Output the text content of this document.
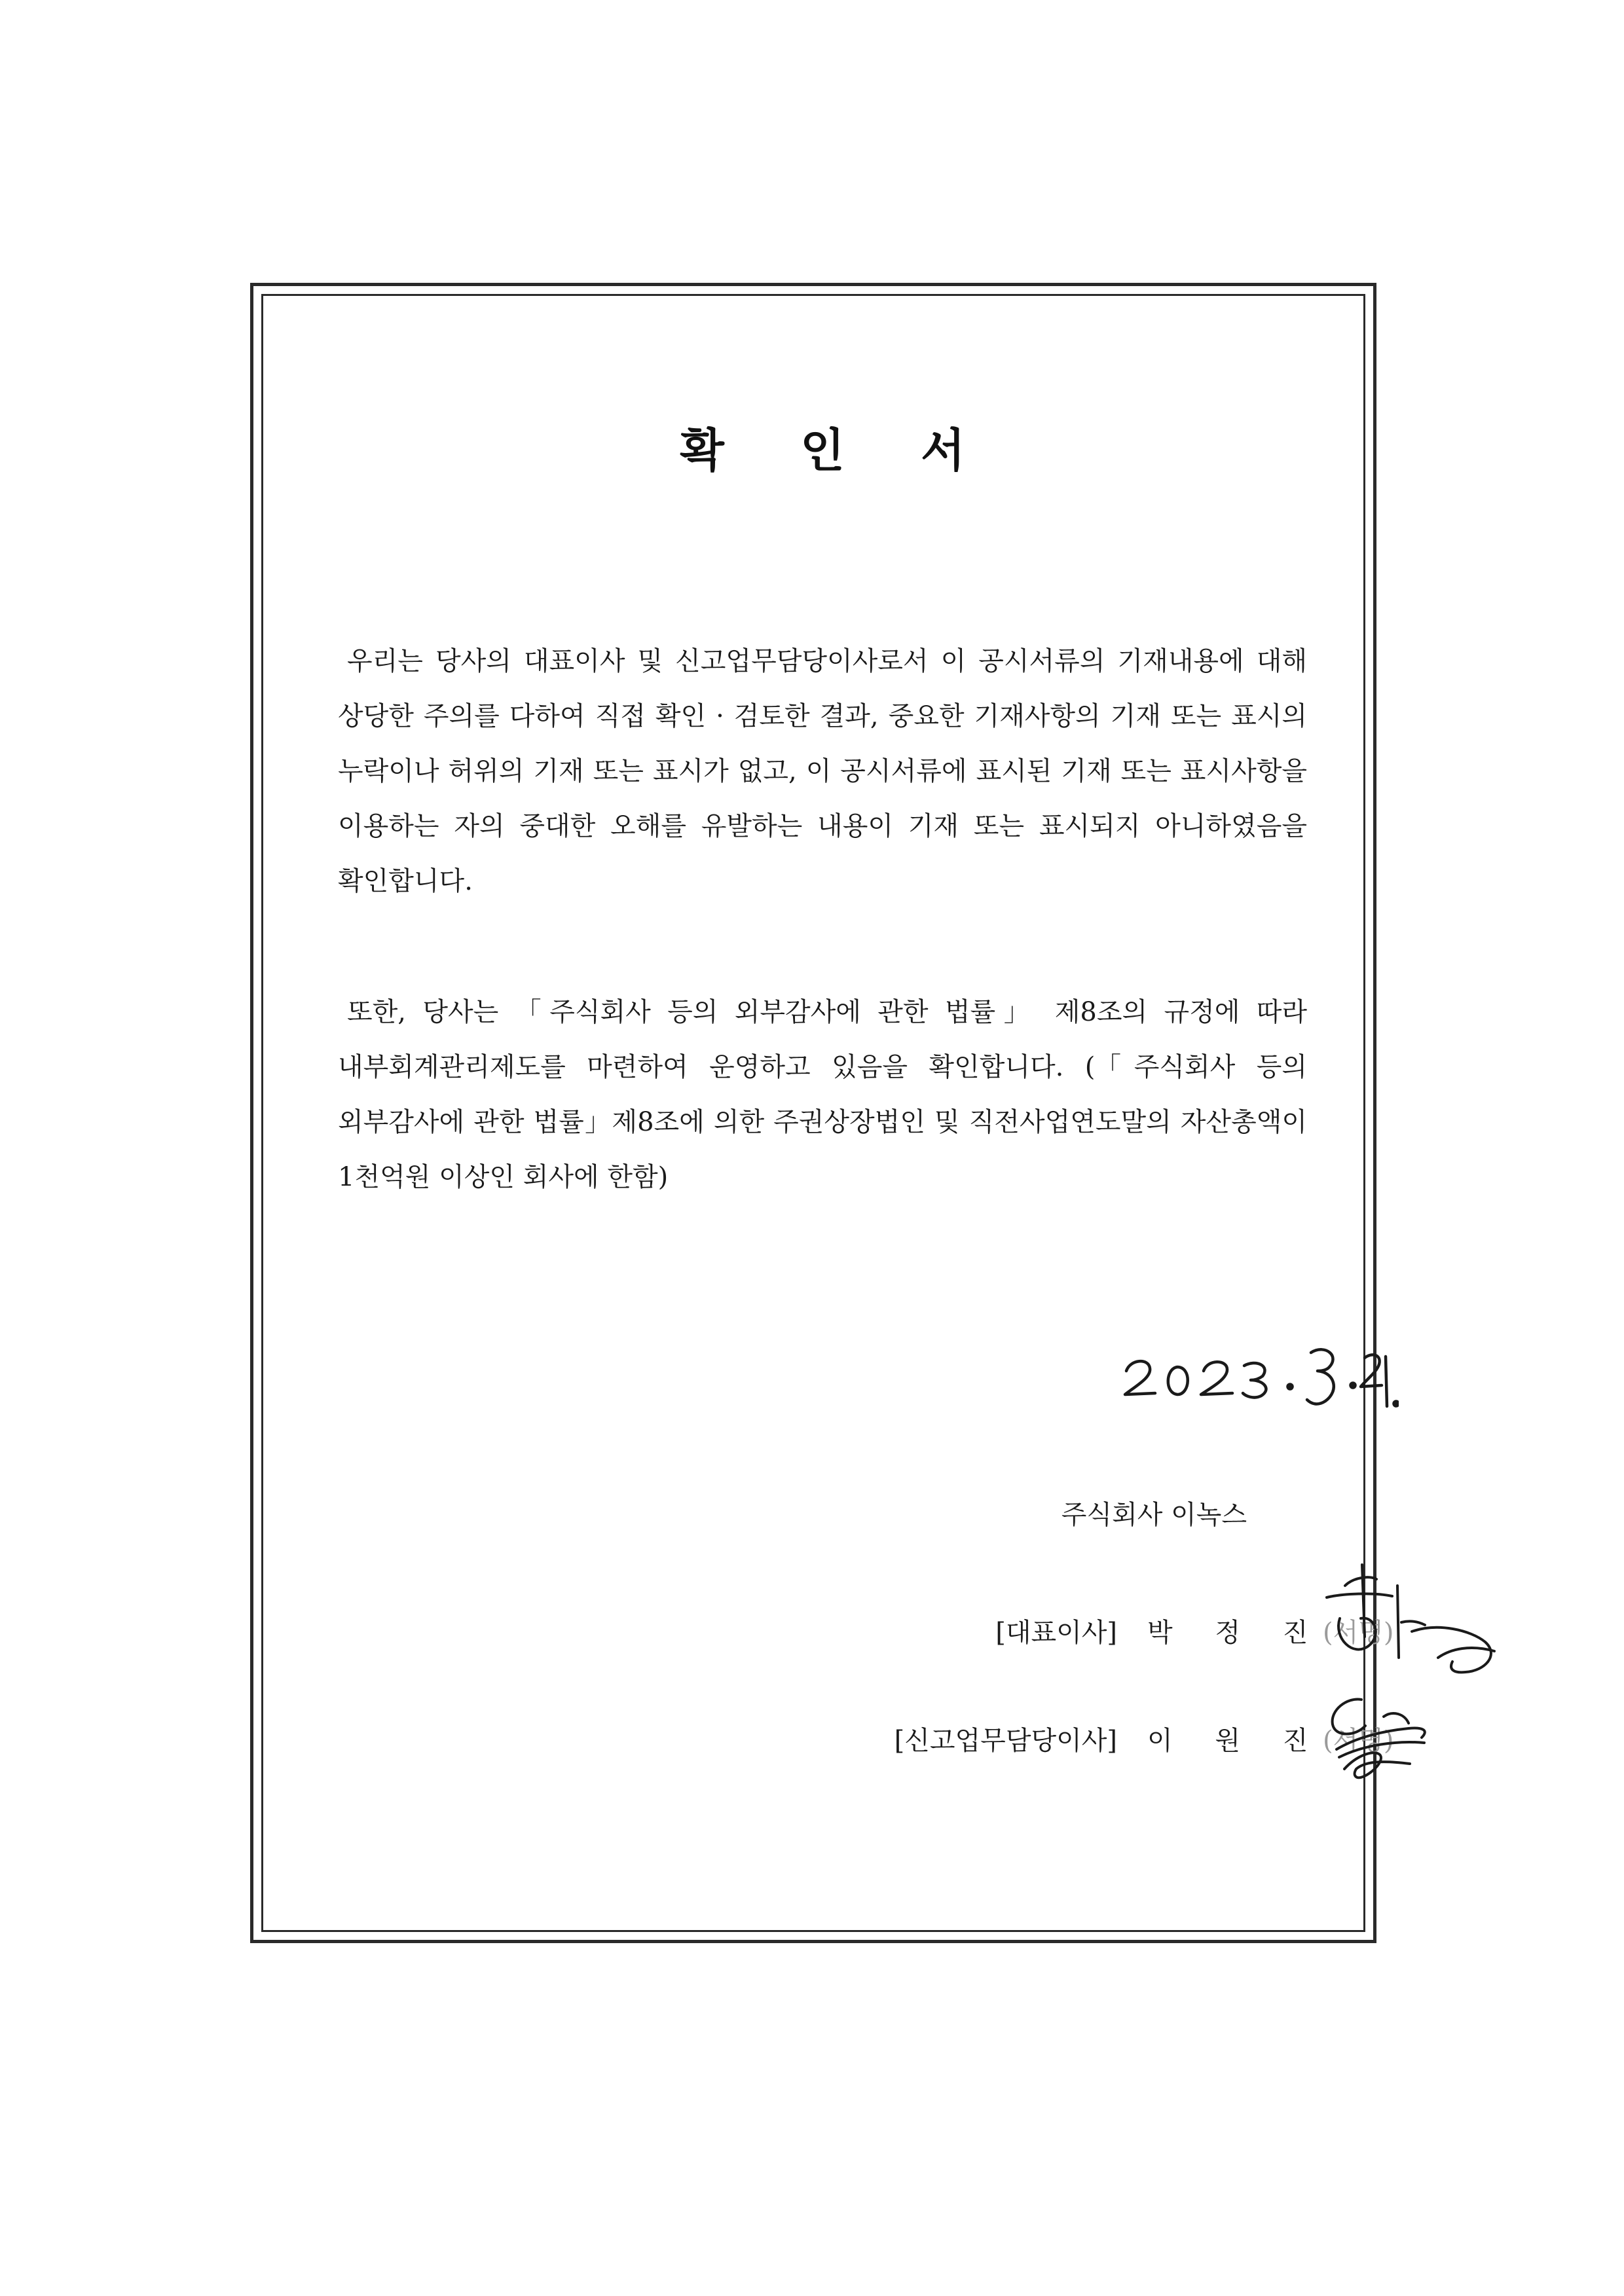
확 인 서

우리는 당사의 대표이사 및 신고업무담당이사로서 이 공시서류의 기재내용에 대해 상당한 주의를 다하여 직접 확인 · 검토한 결과, 중요한 기재사항의 기재 또는 표시의 누락이나 허위의 기재 또는 표시가 없고, 이 공시서류에 표시된 기재 또는 표시사항을 이용하는 자의 중대한 오해를 유발하는 내용이 기재 또는 표시되지 아니하였음을 확인합니다.

또한, 당사는 「주식회사 등의 외부감사에 관한 법률」 제8조의 규정에 따라 내부회계관리제도를 마련하여 운영하고 있음을 확인합니다. (「주식회사 등의 외부감사에 관한 법률」제8조에 의한 주권상장법인 및 직전사업연도말의 자산총액이 1천억원 이상인 회사에 한함)

주식회사 이녹스
[대표이사] 박 정 진
(서명)
[신고업무담당이사] 이 원 진
(서명)
